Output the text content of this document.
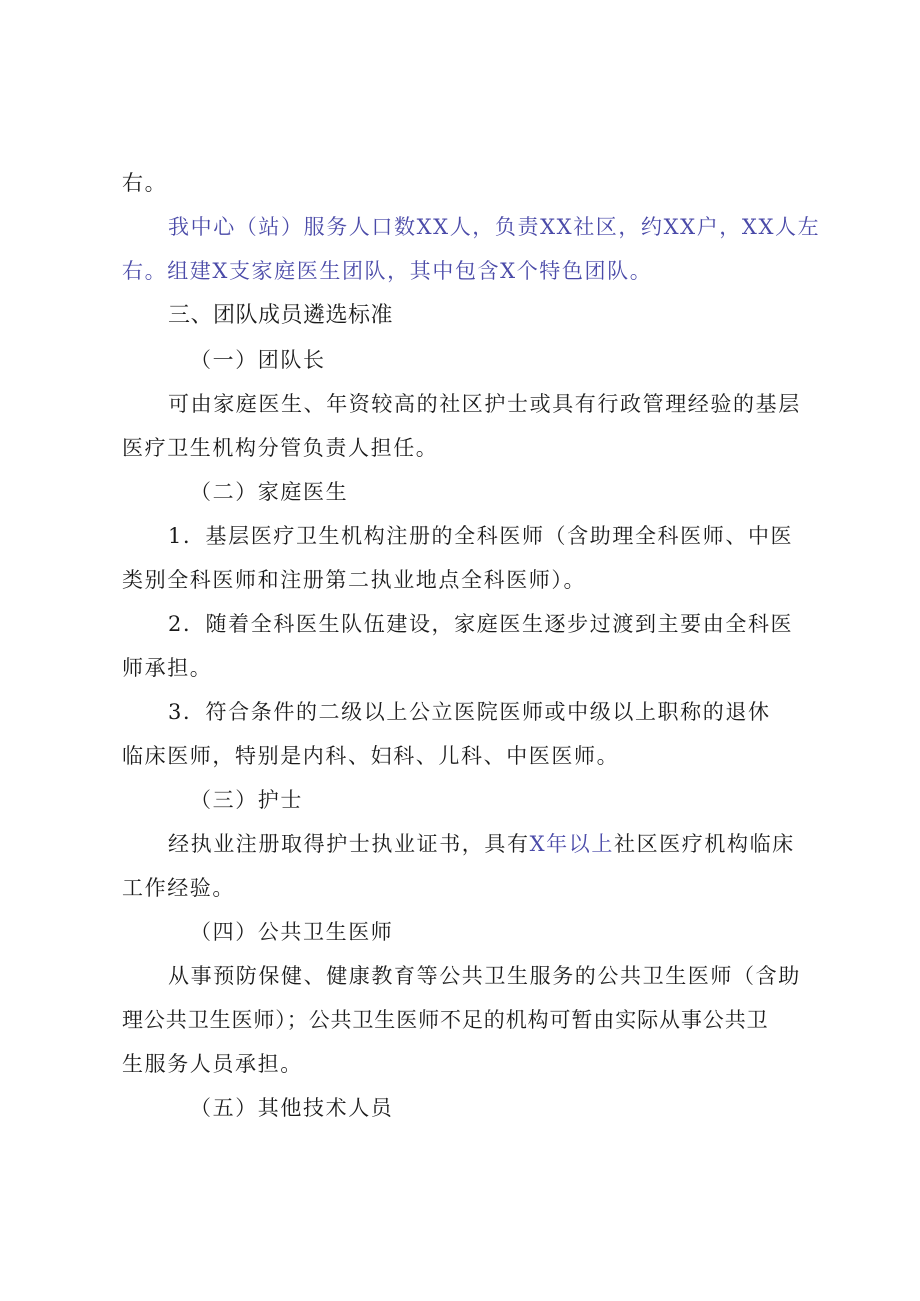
右。
我中心（站）服务人口数XX人，负责XX社区，约XX户，XX人左
右。组建X支家庭医生团队，其中包含X个特色团队。
三、团队成员遴选标准
（一）团队长
可由家庭医生、年资较高的社区护士或具有行政管理经验的基层
医疗卫生机构分管负责人担任。
（二）家庭医生
1．基层医疗卫生机构注册的全科医师（含助理全科医师、中医
类别全科医师和注册第二执业地点全科医师）。
2．随着全科医生队伍建设，家庭医生逐步过渡到主要由全科医
师承担。
3．符合条件的二级以上公立医院医师或中级以上职称的退休
临床医师，特别是内科、妇科、儿科、中医医师。
（三）护士
经执业注册取得护士执业证书，具有X年以上社区医疗机构临床
工作经验。
（四）公共卫生医师
从事预防保健、健康教育等公共卫生服务的公共卫生医师（含助
理公共卫生医师）；公共卫生医师不足的机构可暂由实际从事公共卫
生服务人员承担。
（五）其他技术人员
